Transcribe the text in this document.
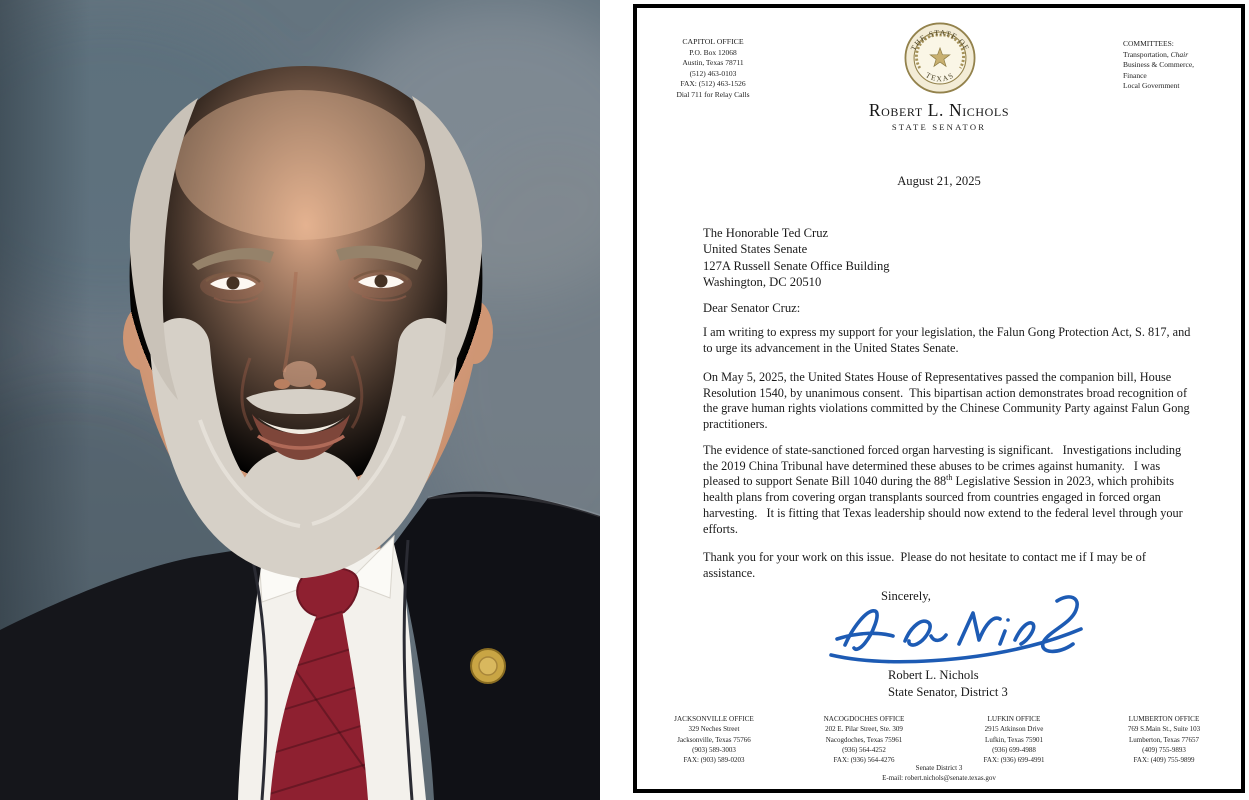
CAPITOL OFFICE
P.O. Box 12068
Austin, Texas 78711
(512) 463-0103
FAX: (512) 463-1526
Dial 711 for Relay Calls
THE STATE OF
TEXAS
COMMITTEES:
Transportation, Chair
Business & Commerce,
Finance
Local Government
Robert L. Nichols
STATE SENATOR
August 21, 2025
The Honorable Ted Cruz
United States Senate
127A Russell Senate Office Building
Washington, DC 20510
Dear Senator Cruz:

I am writing to express my support for your legislation, the Falun Gong Protection Act, S. 817, and to urge its advancement in the United States Senate.

On May 5, 2025, the United States House of Representatives passed the companion bill, House Resolution 1540, by unanimous consent.  This bipartisan action demonstrates broad recognition of the grave human rights violations committed by the Chinese Community Party against Falun Gong practitioners.

The evidence of state-sanctioned forced organ harvesting is significant.   Investigations including the 2019 China Tribunal have determined these abuses to be crimes against humanity.   I was pleased to support Senate Bill 1040 during the 88th Legislative Session in 2023, which prohibits health plans from covering organ transplants sourced from countries engaged in forced organ harvesting.   It is fitting that Texas leadership should now extend to the federal level through your efforts.

Thank you for your work on this issue.  Please do not hesitate to contact me if I may be of assistance.

Sincerely,
Robert L. Nichols
State Senator, District 3
JACKSONVILLE OFFICE
329 Neches Street
Jacksonville, Texas 75766
(903) 589-3003
FAX: (903) 589-0203
NACOGDOCHES OFFICE
202 E. Pilar Street, Ste. 309
Nacogdoches, Texas 75961
(936) 564-4252
FAX: (936) 564-4276
LUFKIN OFFICE
2915 Atkinson Drive
Lufkin, Texas 75901
(936) 699-4988
FAX: (936) 699-4991
LUMBERTON OFFICE
769 S.Main St., Suite 103
Lumberton, Texas 77657
(409) 755-9893
FAX: (409) 755-9899
Senate District 3
E-mail: robert.nichols@senate.texas.gov
